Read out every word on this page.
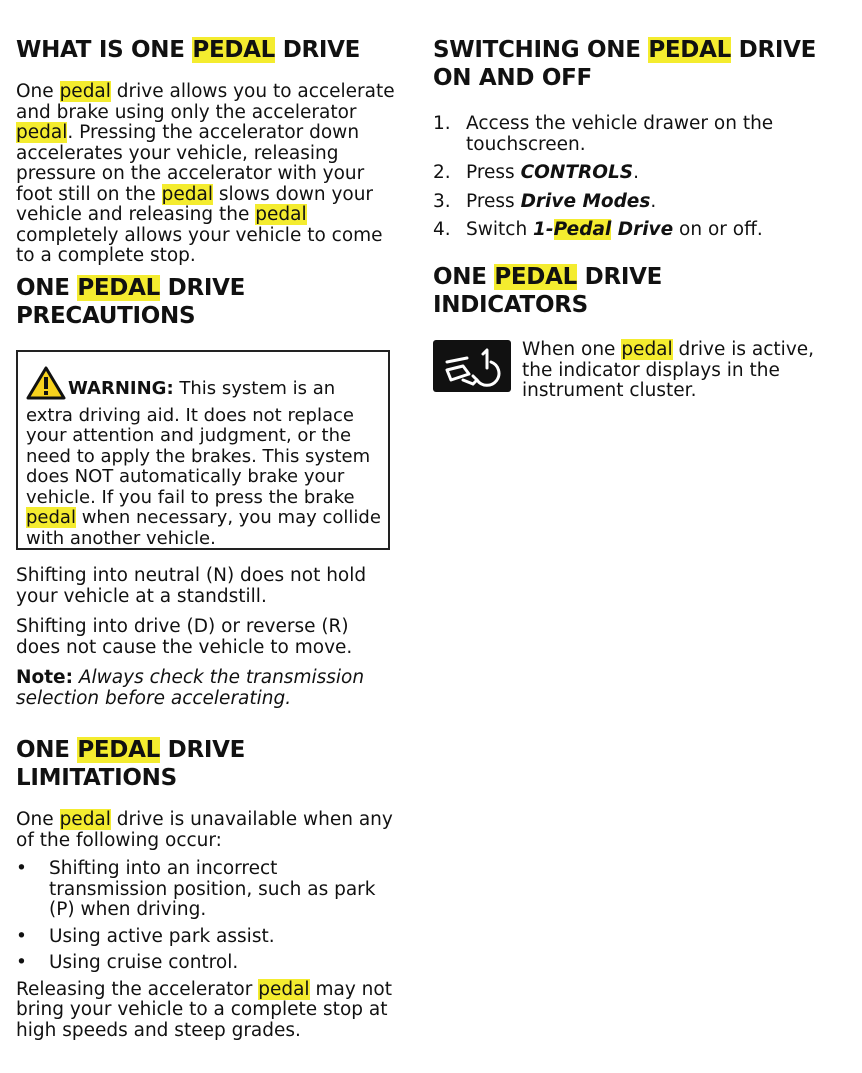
WHAT IS ONE PEDAL DRIVE

One pedal drive allows you to accelerate and brake using only the accelerator pedal. Pressing the accelerator down accelerates your vehicle, releasing pressure on the accelerator with your foot still on the pedal slows down your vehicle and releasing the pedal completely allows your vehicle to come to a complete stop.

ONE PEDAL DRIVE
PRECAUTIONS
WARNING: This system is an extra driving aid. It does not replace your attention and judgment, or the need to apply the brakes. This system does NOT automatically brake your vehicle. If you fail to press the brake pedal when necessary, you may collide with another vehicle.

Shifting into neutral (N) does not hold your vehicle at a standstill.

Shifting into drive (D) or reverse (R) does not cause the vehicle to move.

Note: Always check the transmission selection before accelerating.

ONE PEDAL DRIVE
LIMITATIONS

One pedal drive is unavailable when any of the following occur:

• Shifting into an incorrect transmission position, such as park (P) when driving.
• Using active park assist.
• Using cruise control.

Releasing the accelerator pedal may not bring your vehicle to a complete stop at high speeds and steep grades.

SWITCHING ONE PEDAL DRIVE
ON AND OFF
1. Access the vehicle drawer on the touchscreen.
2. Press CONTROLS.
3. Press Drive Modes.
4. Switch 1-Pedal Drive on or off.
ONE PEDAL DRIVE
INDICATORS

When one pedal drive is active, the indicator displays in the instrument cluster.
